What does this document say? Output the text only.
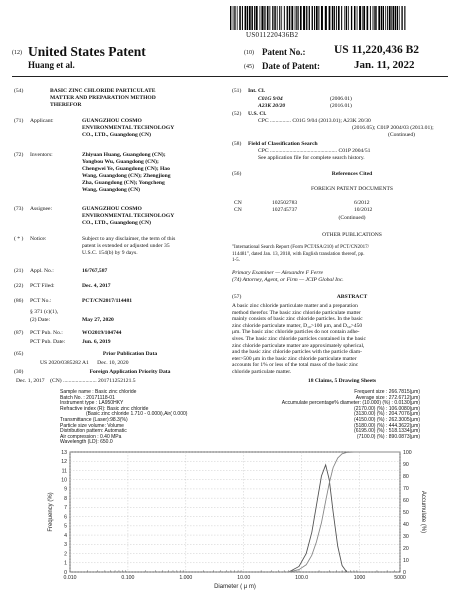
US011220436B2
(12) United States Patent
Huang et al.
(10) Patent No.: US 11,220,436 B2
(45) Date of Patent:	Jan. 11, 2022
(54)	BASIC ZINC CHLORIDE PARTICULATE
MATTER AND PREPARATION METHOD
THEREFOR
(71) Applicant:	GUANGZHOU COSMO
ENVIRONMENTAL TECHNOLOGY
CO., LTD., Guangdong (CN)
(72) Inventors:	Zhiyuan Huang, Guangdong (CN);
Yongbou Wu, Guangdong (CN);
Chengwei Ye, Guangdong (CN); Hao
Wang, Guangdong (CN); Zhengjiong
Zha, Guangdong (CN); Yongcheng
Wang, Guangdong (CN)
(73) Assignee:	GUANGZHOU COSMO
ENVIRONMENTAL TECHNOLOGY
CO., LTD., Guangdong (CN)
( * ) Notice:	Subject to any disclaimer, the term of this
patent is extended or adjusted under 35
U.S.C. 154(b) by 9 days.
(21) Appl. No.:	16/767,587
(22) PCT Filed:	Dec. 4, 2017
(86) PCT No.:	PCT/CN2017/114481
§ 371 (c)(1),
(2) Date:	May 27, 2020
(87) PCT Pub. No.:	WO2019/104744
PCT Pub. Date:	Jun. 6, 2019
(65)	Prior Publication Data
US 2020/0385282 A1      Dec. 10, 2020
(30)	Foreign Application Priority Data
(51) Int. Cl.
C01G 9/04	(2006.01)
A23K 20/20	(2016.01)
(52) U.S. Cl.
CPC ............... C01G 9/04 (2013.01); A23K 20/30
(2016.05); C01P 2004/03 (2013.01);
(Continued)
(58) Field of Classification Search
CPC ................................................ C01P 2004/51
See application file for complete search history.
(56)	References Cited
FOREIGN PATENT DOCUMENTS
CN	102502783	6/2012
CN	102745737	10/2012
(Continued)
OTHER PUBLICATIONS
"International Search Report (Form PCT/ISA/210) of PCT/CN2017/
114481", dated Jan. 13, 2018, with English translation thereof, pp.
1-5.
Primary Examiner — Alexandre F Ferre
(74) Attorney, Agent, or Firm — JCIP Global Inc.
(57)	ABSTRACT
A basic zinc chloride particulate matter and a preparation
method therefor. The basic zinc chloride particulate matter
mainly consists of basic zinc chloride particles. In the basic
zinc chloride particulate matter, D₁₀>100 μm, and D₅₀>450
μm. The basic zinc chloride particles do not contain adhe-
sives. The basic zinc chloride particles contained in the basic
zinc chloride particulate matter are approximately spherical,
and the basic zinc chloride particles with the particle diam-
eter>500 μm in the basic zinc chloride particulate matter
accounts for 1% or less of the total mass of the basic zinc
chloride particulate matter.
Dec. 1, 2017    (CN) ........................ 201711252121.5	18 Claims, 5 Drawing Sheets
Sample name : Basic zinc chloride
Batch No. : 20171118-01
Instrument type : LA950HKY
Refractive index (R): Basic zinc chloride
(Basic zinc chloride 1.710 - 0.000i),Air( 0.000)
Transmittance (Laser):98.3(%)
Particle size volume: Volume
Distribution pattern: Automatic
Air compression : 0.40 MPa
Wavelength (LD): 650.0
Frequent size : 266.7815(μm)
Average size : 272.6712(μm)
Accumulate percentage% diameter: (10.000) (%) : 0.0130(μm)
(2170.00) (%) : 106.0080(μm)
(3130.00) (%) : 204.7076(μm)
(4150.00) (%) : 262.3005(μm)
(5180.00) (%) : 444.3622(μm)
(6195.00) (%) : 518.1334(μm)
(7100.0) (%) : 890.0873(μm)
0
1
2
3
4
5
6
7
8
9
10
11
12
13
0
10
20
30
40
50
60
70
80
90
100
0.010	0.100	1.000	10.00	100.0	1000	5000
Frequency (%)	Accumulate (%)
Diameter ( μ m)
